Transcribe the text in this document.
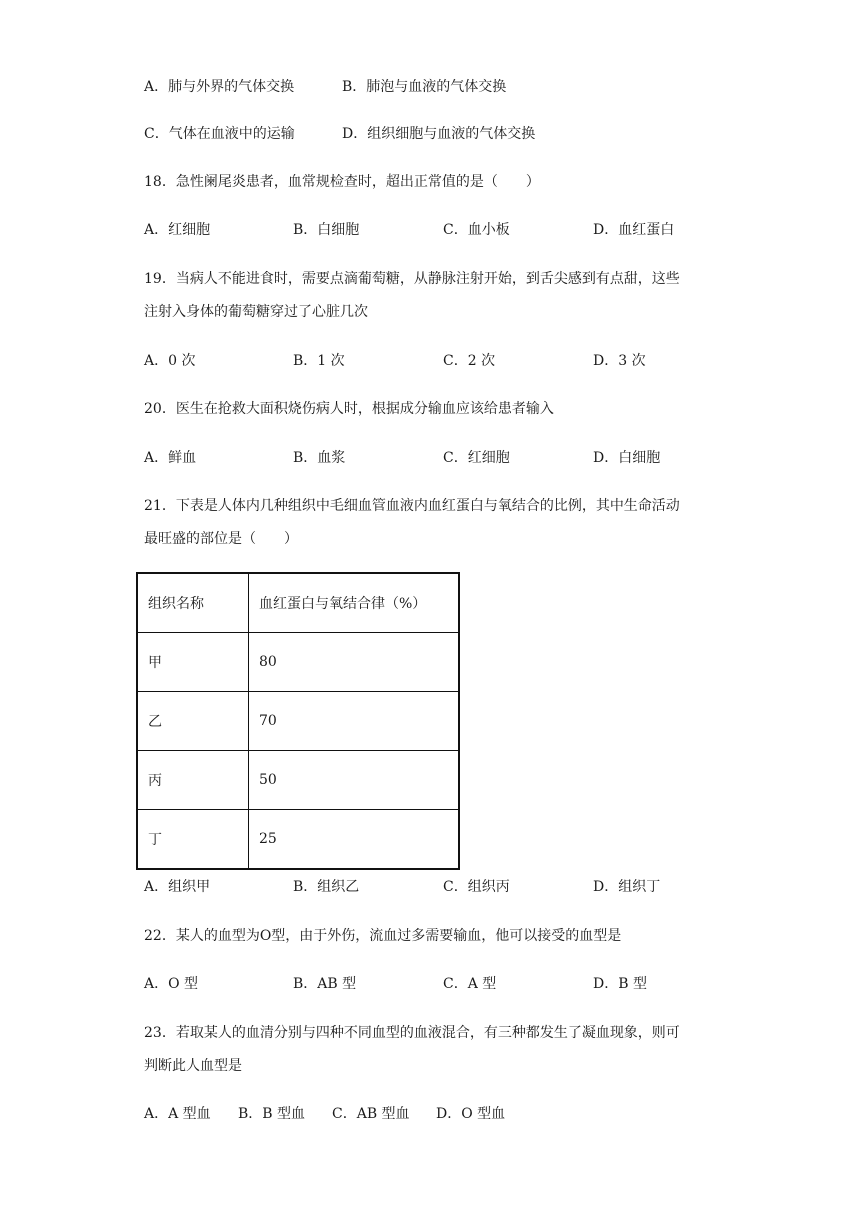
A．肺与外界的气体交换	B．肺泡与血液的气体交换
C．气体在血液中的运输	D．组织细胞与血液的气体交换
18．急性阑尾炎患者，血常规检查时，超出正常值的是（　　）
A．红细胞	B．白细胞	C．血小板	D．血红蛋白
19．当病人不能进食时，需要点滴葡萄糖，从静脉注射开始，到舌尖感到有点甜，这些
注射入身体的葡萄糖穿过了心脏几次
A．0 次	B．1 次	C．2 次	D．3 次
20．医生在抢救大面积烧伤病人时，根据成分输血应该给患者输入
A．鲜血	B．血浆	C．红细胞	D．白细胞
21．下表是人体内几种组织中毛细血管血液内血红蛋白与氧结合的比例，其中生命活动
最旺盛的部位是（　　）
组织名称	血红蛋白与氧结合律（%）
甲	80
乙	70
丙	50
丁	25
A．组织甲	B．组织乙	C．组织丙	D．组织丁
22．某人的血型为O型，由于外伤，流血过多需要输血，他可以接受的血型是
A．O 型	B．AB 型	C．A 型	D．B 型
23．若取某人的血清分别与四种不同血型的血液混合，有三种都发生了凝血现象，则可
判断此人血型是
A．A 型血 B．B 型血 C．AB 型血 D．O 型血
